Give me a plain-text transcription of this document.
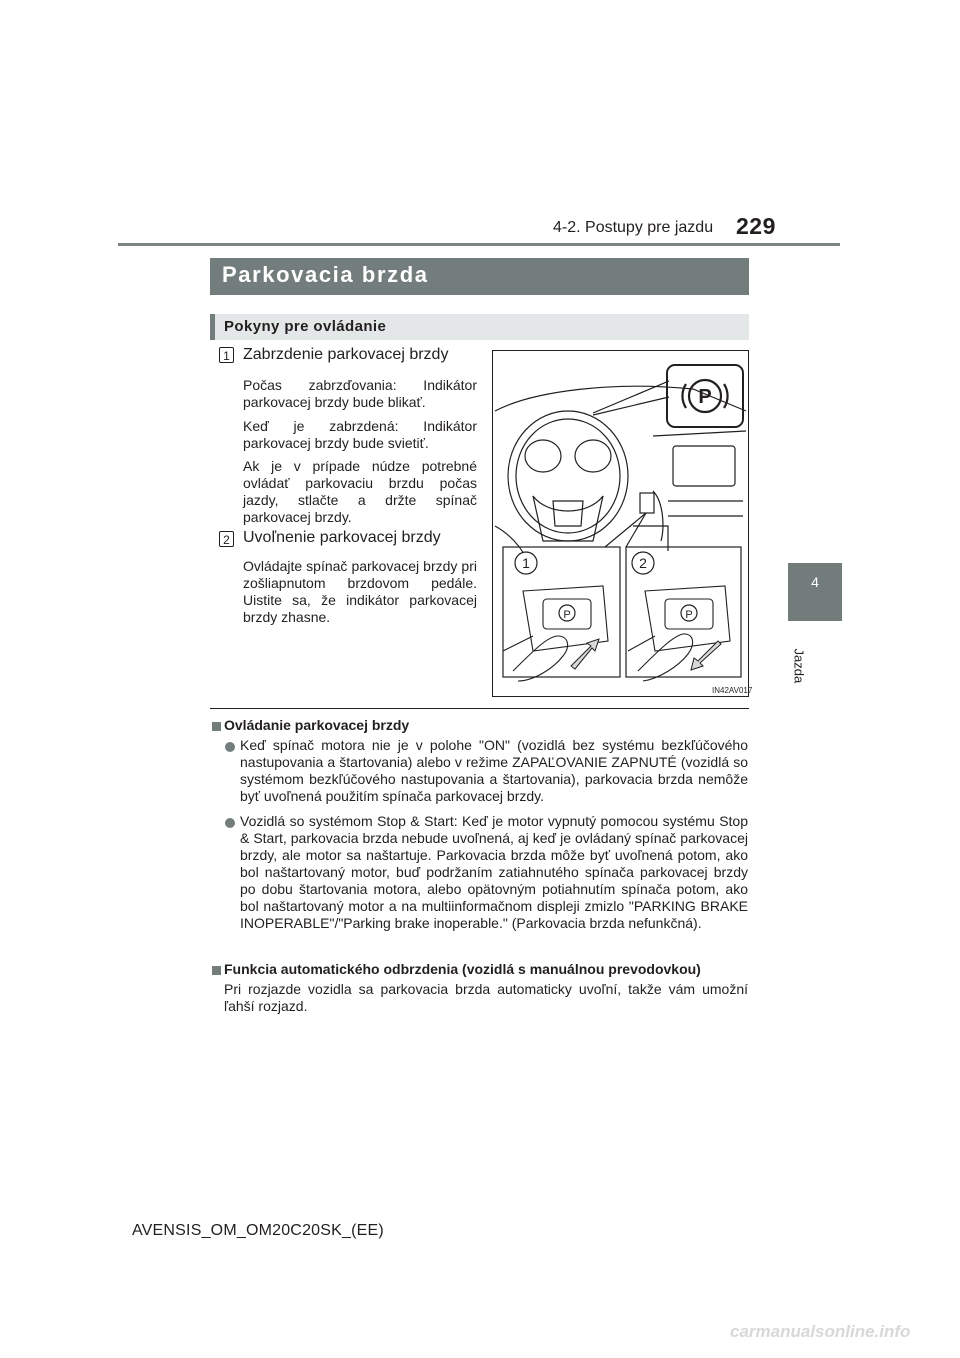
4-2. Postupy pre jazdu 229
4
Jazda
Parkovacia brzda
Pokyny pre ovládanie
1 Zabrzdenie parkovacej brzdy
Počas zabrzďovania: Indikátor parkovacej brzdy bude blikať.
Keď je zabrzdená: Indikátor parkovacej brzdy bude svietiť.
Ak je v prípade núdze potrebné ovládať parkovaciu brzdu počas jazdy, stlačte a držte spínač parkovacej brzdy.
2 Uvoľnenie parkovacej brzdy
Ovládajte spínač parkovacej brzdy pri zošliapnutom brzdovom pedále. Uistite sa, že indikátor parkovacej brzdy zhasne.
P
1	2
P	P
IN42AV017
Ovládanie parkovacej brzdy
Keď spínač motora nie je v polohe "ON" (vozidlá bez systému bezkľúčového nastupovania a štartovania) alebo v režime ZAPAĽOVANIE ZAPNUTÉ (vozidlá so systémom bezkľúčového nastupovania a štartovania), parkovacia brzda nemôže byť uvoľnená použitím spínača parkovacej brzdy.
Vozidlá so systémom Stop & Start: Keď je motor vypnutý pomocou systému Stop & Start, parkovacia brzda nebude uvoľnená, aj keď je ovládaný spínač parkovacej brzdy, ale motor sa naštartuje. Parkovacia brzda môže byť uvoľnená potom, ako bol naštartovaný motor, buď podržaním zatiahnutého spínača parkovacej brzdy po dobu štartovania motora, alebo opätovným potiahnutím spínača potom, ako bol naštartovaný motor a na multiinformačnom displeji zmizlo "PARKING BRAKE INOPERABLE"/"Parking brake inoperable." (Parkovacia brzda nefunkčná).
Funkcia automatického odbrzdenia (vozidlá s manuálnou prevodovkou)
Pri rozjazde vozidla sa parkovacia brzda automaticky uvoľní, takže vám umožní ľahší rozjazd.
AVENSIS_OM_OM20C20SK_(EE)
carmanualsonline.info
